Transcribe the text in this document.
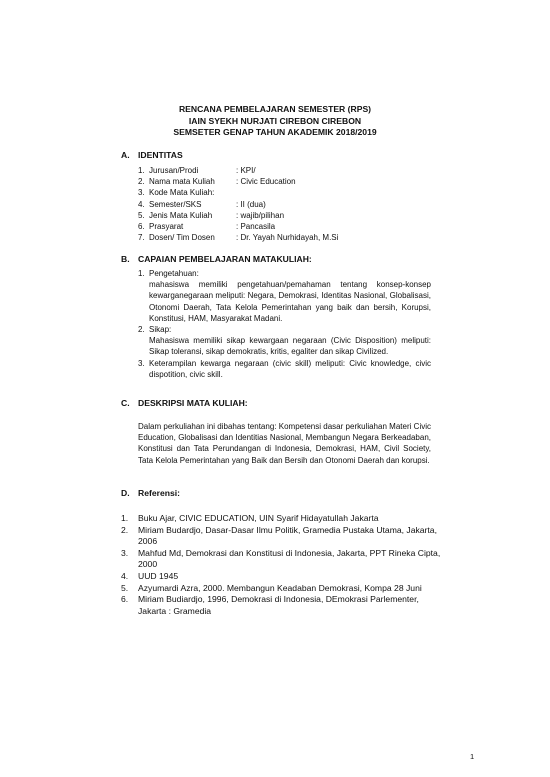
RENCANA PEMBELAJARAN SEMESTER (RPS)
IAIN SYEKH NURJATI CIREBON CIREBON
SEMSETER GENAP TAHUN AKADEMIK 2018/2019
A. IDENTITAS
1. Jurusan/Prodi	: KPI/
2. Nama mata Kuliah	: Civic Education
3. Kode Mata Kuliah:
4. Semester/SKS	: II (dua)
5. Jenis Mata Kuliah	: wajib/pilihan
6. Prasyarat	: Pancasila
7. Dosen/ Tim Dosen	: Dr. Yayah Nurhidayah, M.Si
B. CAPAIAN PEMBELAJARAN MATAKULIAH:
1. Pengetahuan:
mahasiswa memiliki pengetahuan/pemahaman tentang konsep-konsep
kewarganegaraan meliputi: Negara, Demokrasi, Identitas Nasional, Globalisasi, Otonomi Daerah, Tata Kelola Pemerintahan yang baik dan bersih, Korupsi, Konstitusi, HAM, Masyarakat Madani.
2. Sikap:
Mahasiswa memiliki sikap kewargaan negaraan (Civic Disposition) meliputi: Sikap toleransi, sikap demokratis, kritis, egaliter dan sikap Civilized.
3. Keterampilan kewarga negaraan (civic skill) meliputi: Civic knowledge, civic dispotition, civic skill.
C. DESKRIPSI MATA KULIAH:
Dalam perkuliahan ini dibahas tentang: Kompetensi dasar perkuliahan Materi Civic Education, Globalisasi dan Identitias Nasional, Membangun Negara Berkeadaban, Konstitusi dan Tata Perundangan di Indonesia, Demokrasi, HAM, Civil Society, Tata Kelola Pemerintahan yang Baik dan Bersih dan Otonomi Daerah dan korupsi.
D. Referensi:
1.	Buku Ajar, CIVIC EDUCATION, UIN Syarif Hidayatullah Jakarta
2.	Miriam Budardjo, Dasar-Dasar Ilmu Politik, Gramedia Pustaka Utama, Jakarta, 2006
3.	Mahfud Md, Demokrasi dan Konstitusi di Indonesia, Jakarta, PPT Rineka Cipta, 2000
4.	UUD 1945
5.	Azyumardi Azra, 2000. Membangun Keadaban Demokrasi, Kompa 28 Juni
6.	Miriam Budiardjo, 1996, Demokrasi di Indonesia, DEmokrasi Parlementer, Jakarta : Gramedia
1
